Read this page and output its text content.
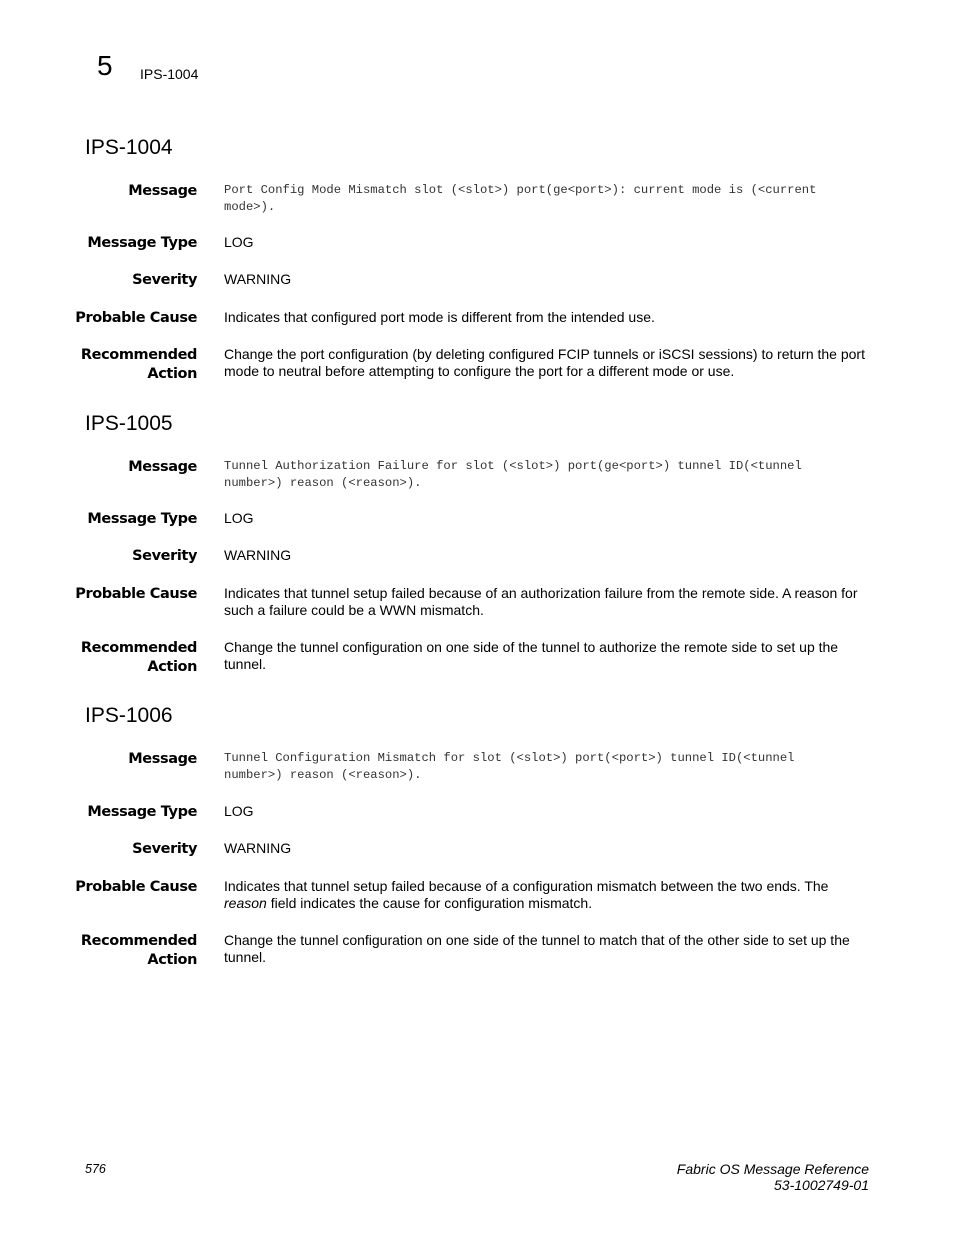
5 IPS-1004
IPS-1004
Message Port Config Mode Mismatch slot (<slot>) port(ge<port>): current mode is (<current
mode>).
Message Type LOG
Severity WARNING
Probable Cause Indicates that configured port mode is different from the intended use.
Recommended
Action
Change the port configuration (by deleting configured FCIP tunnels or iSCSI sessions) to return the port
mode to neutral before attempting to configure the port for a different mode or use.
IPS-1005
Message Tunnel Authorization Failure for slot (<slot>) port(ge<port>) tunnel ID(<tunnel
number>) reason (<reason>).
Message Type LOG
Severity WARNING
Probable Cause Indicates that tunnel setup failed because of an authorization failure from the remote side. A reason for
such a failure could be a WWN mismatch.
Recommended
Action
Change the tunnel configuration on one side of the tunnel to authorize the remote side to set up the
tunnel.
IPS-1006
Message Tunnel Configuration Mismatch for slot (<slot>) port(<port>) tunnel ID(<tunnel
number>) reason (<reason>).
Message Type LOG
Severity WARNING
Probable Cause Indicates that tunnel setup failed because of a configuration mismatch between the two ends. The
reason field indicates the cause for configuration mismatch.
Recommended
Action
Change the tunnel configuration on one side of the tunnel to match that of the other side to set up the
tunnel.
576	Fabric OS Message Reference
53-1002749-01
